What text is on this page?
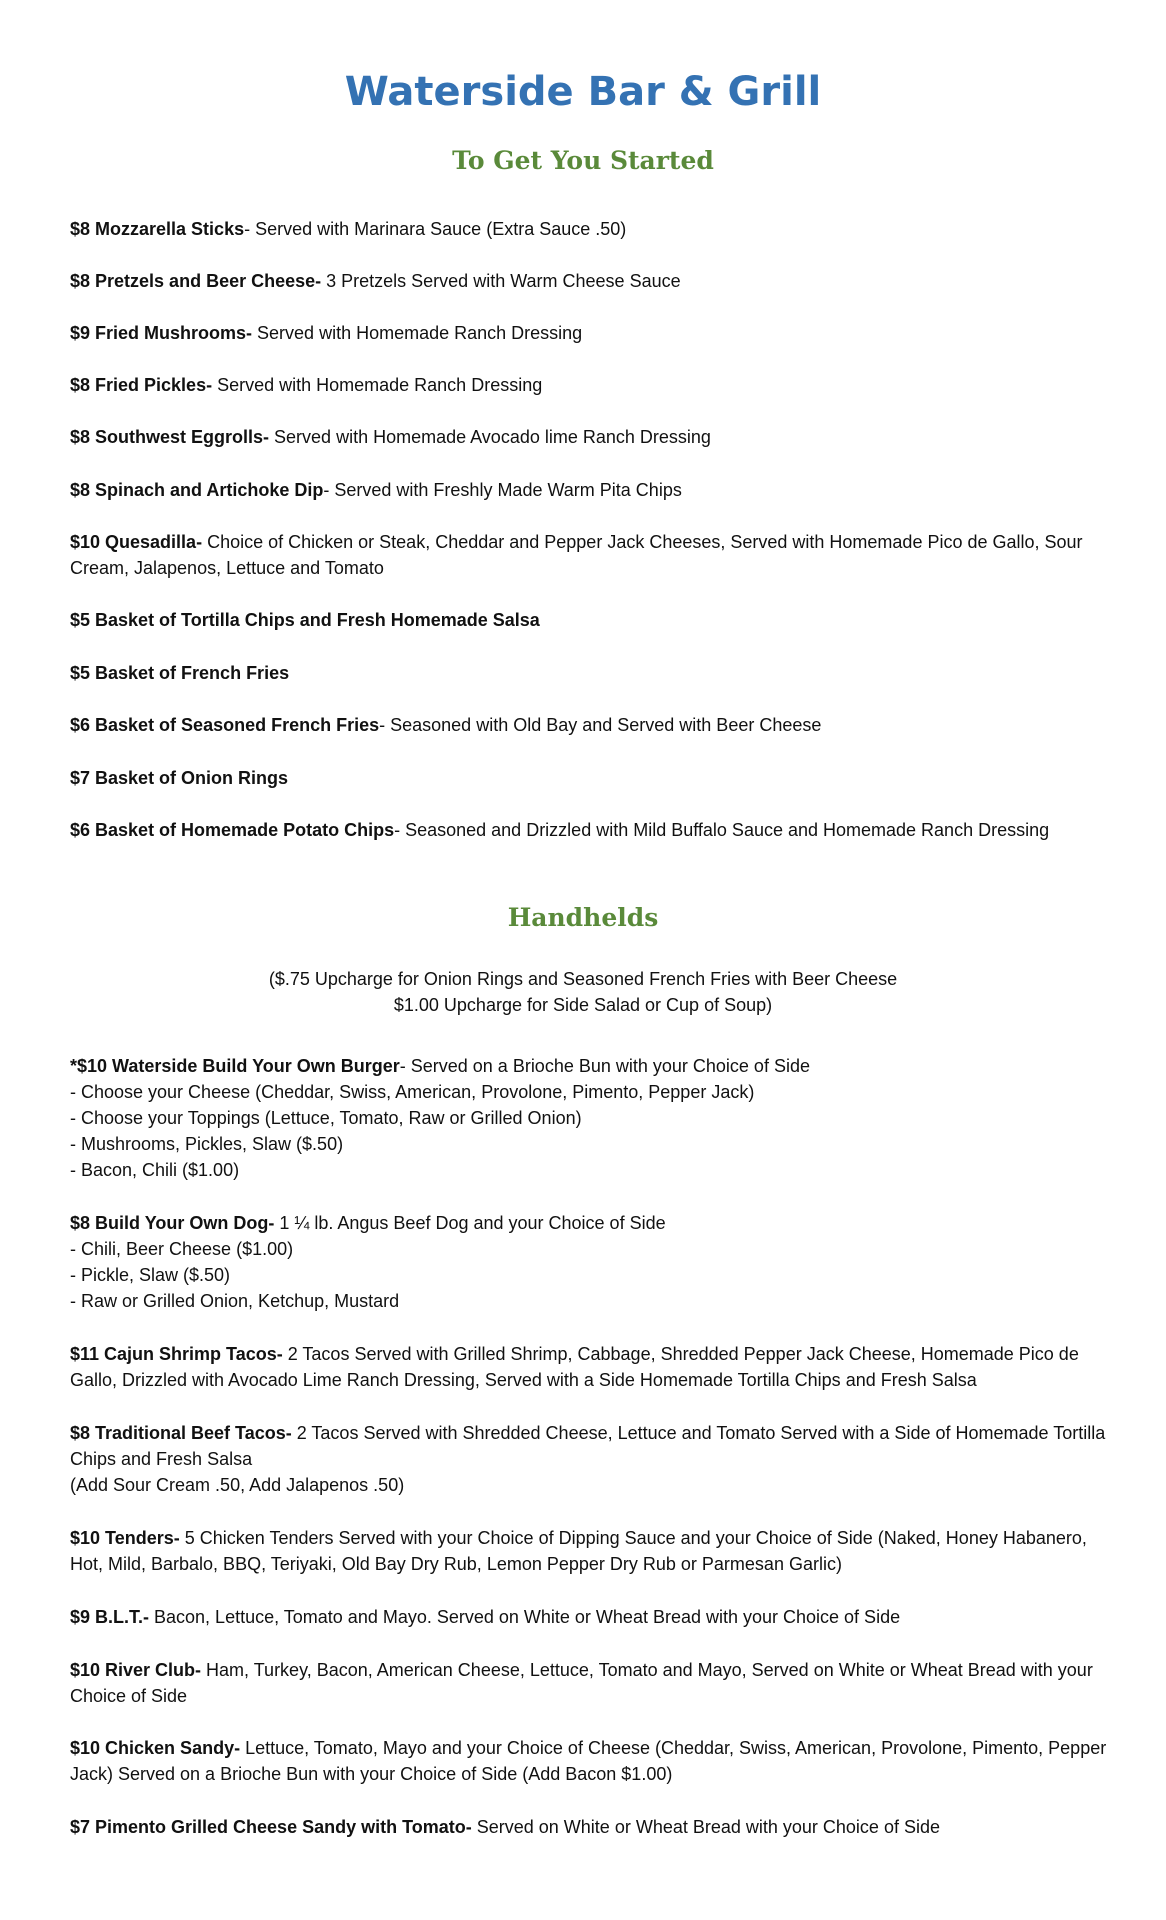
Waterside Bar & Grill
To Get You Started

$8 Mozzarella Sticks- Served with Marinara Sauce (Extra Sauce .50)

$8 Pretzels and Beer Cheese- 3 Pretzels Served with Warm Cheese Sauce

$9 Fried Mushrooms- Served with Homemade Ranch Dressing

$8 Fried Pickles- Served with Homemade Ranch Dressing

$8 Southwest Eggrolls- Served with Homemade Avocado lime Ranch Dressing

$8 Spinach and Artichoke Dip- Served with Freshly Made Warm Pita Chips

$10 Quesadilla- Choice of Chicken or Steak, Cheddar and Pepper Jack Cheeses, Served with Homemade Pico de Gallo, Sour Cream, Jalapenos, Lettuce and Tomato

$5 Basket of Tortilla Chips and Fresh Homemade Salsa

$5 Basket of French Fries

$6 Basket of Seasoned French Fries- Seasoned with Old Bay and Served with Beer Cheese

$7 Basket of Onion Rings

$6 Basket of Homemade Potato Chips- Seasoned and Drizzled with Mild Buffalo Sauce and Homemade Ranch Dressing

Handhelds
($.75 Upcharge for Onion Rings and Seasoned French Fries with Beer Cheese
$1.00 Upcharge for Side Salad or Cup of Soup)

*$10 Waterside Build Your Own Burger- Served on a Brioche Bun with your Choice of Side
- Choose your Cheese (Cheddar, Swiss, American, Provolone, Pimento, Pepper Jack)
- Choose your Toppings (Lettuce, Tomato, Raw or Grilled Onion)
- Mushrooms, Pickles, Slaw ($.50)
- Bacon, Chili ($1.00)

$8 Build Your Own Dog- 1 ¼ lb. Angus Beef Dog and your Choice of Side
- Chili, Beer Cheese ($1.00)
- Pickle, Slaw ($.50)
- Raw or Grilled Onion, Ketchup, Mustard

$11 Cajun Shrimp Tacos- 2 Tacos Served with Grilled Shrimp, Cabbage, Shredded Pepper Jack Cheese, Homemade Pico de Gallo, Drizzled with Avocado Lime Ranch Dressing, Served with a Side Homemade Tortilla Chips and Fresh Salsa

$8 Traditional Beef Tacos- 2 Tacos Served with Shredded Cheese, Lettuce and Tomato Served with a Side of Homemade Tortilla Chips and Fresh Salsa
(Add Sour Cream .50, Add Jalapenos .50)

$10 Tenders- 5 Chicken Tenders Served with your Choice of Dipping Sauce and your Choice of Side (Naked, Honey Habanero, Hot, Mild, Barbalo, BBQ, Teriyaki, Old Bay Dry Rub, Lemon Pepper Dry Rub or Parmesan Garlic)

$9 B.L.T.- Bacon, Lettuce, Tomato and Mayo. Served on White or Wheat Bread with your Choice of Side

$10 River Club- Ham, Turkey, Bacon, American Cheese, Lettuce, Tomato and Mayo, Served on White or Wheat Bread with your Choice of Side

$10 Chicken Sandy- Lettuce, Tomato, Mayo and your Choice of Cheese (Cheddar, Swiss, American, Provolone, Pimento, Pepper Jack) Served on a Brioche Bun with your Choice of Side (Add Bacon $1.00)

$7 Pimento Grilled Cheese Sandy with Tomato- Served on White or Wheat Bread with your Choice of Side
